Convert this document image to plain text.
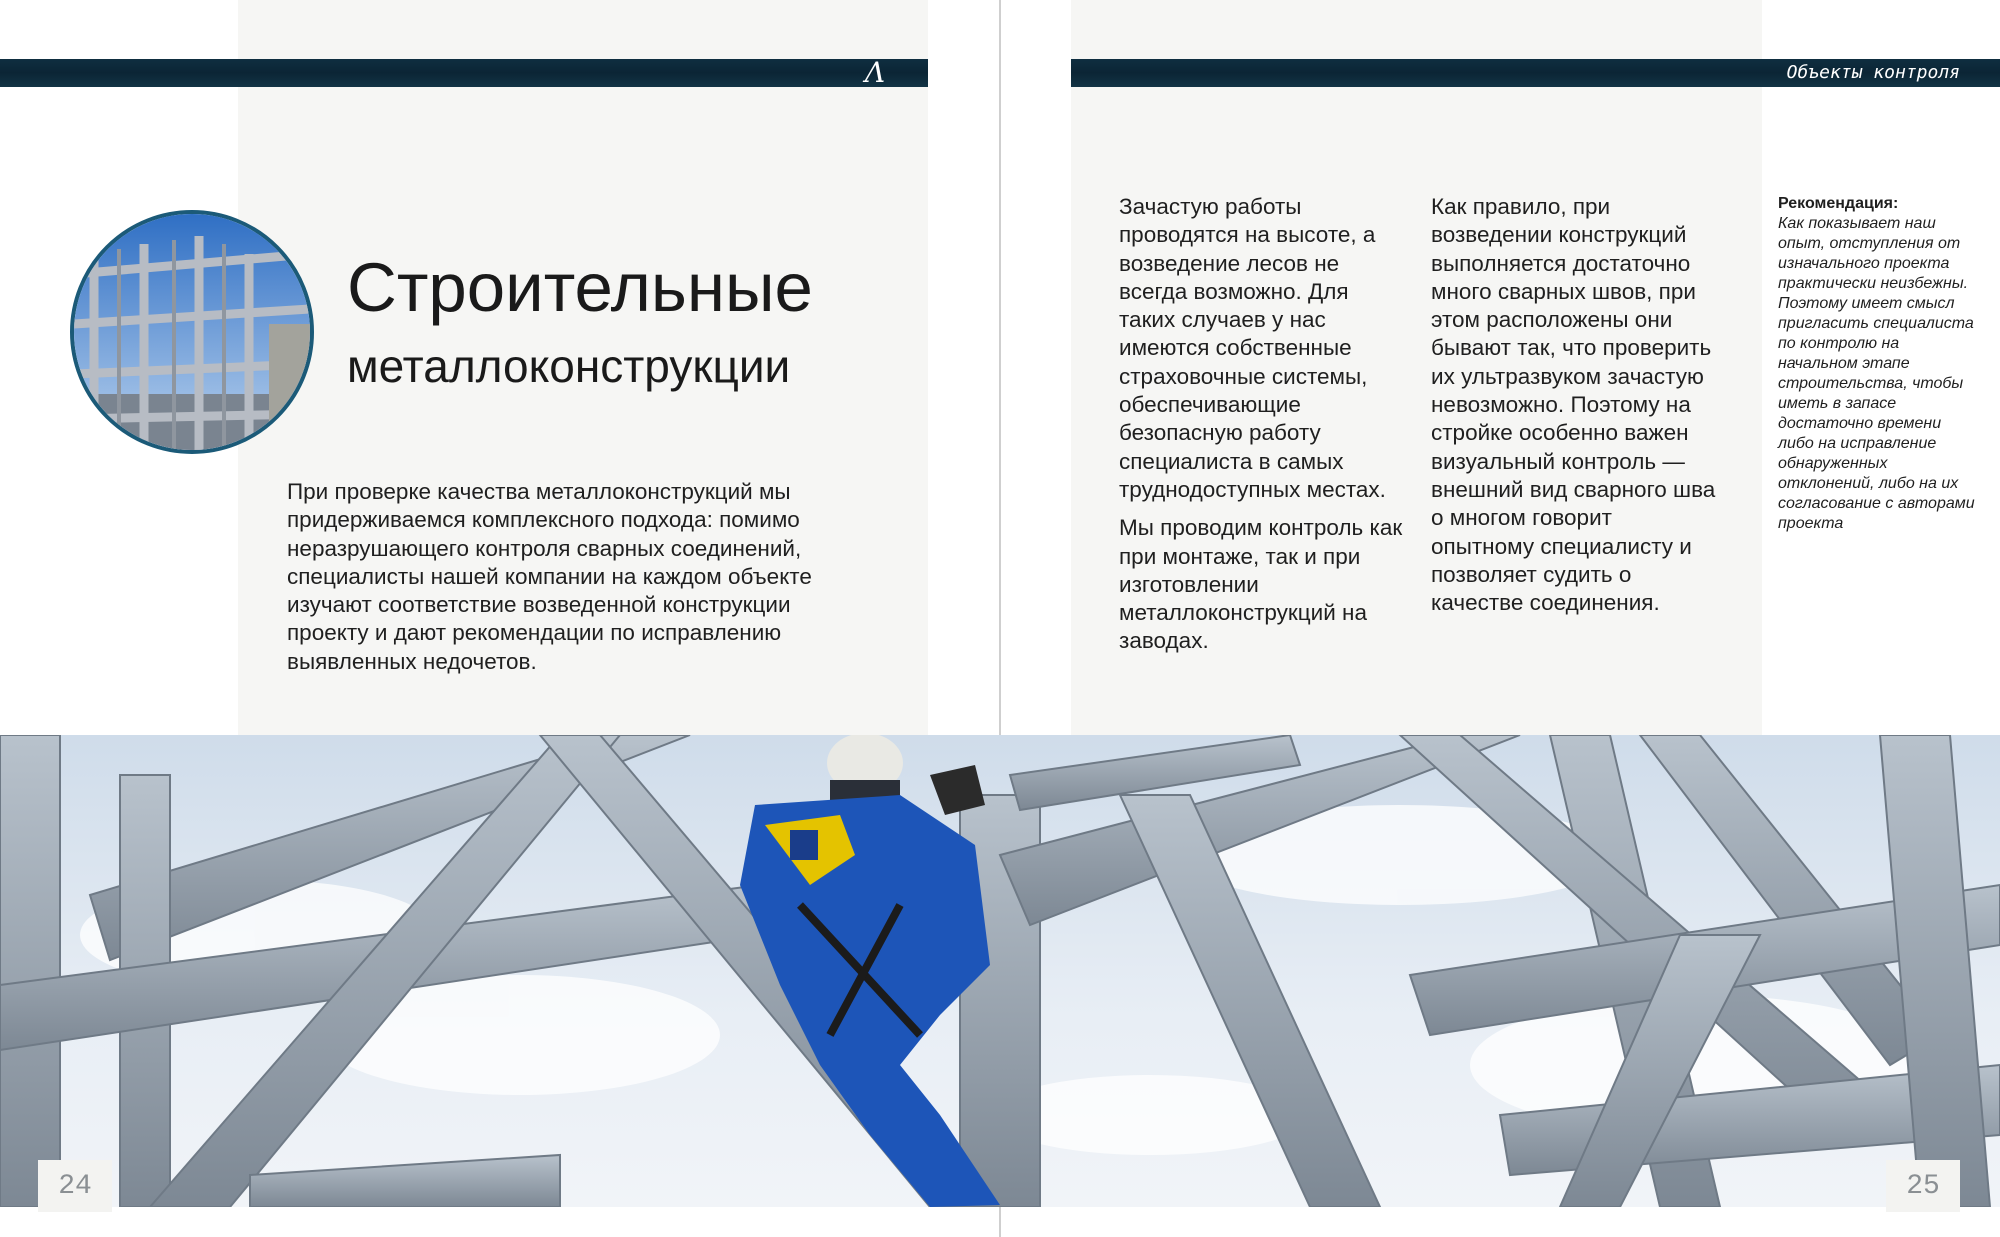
Λ
Строительные
металлоконструкции

При проверке качества металлоконструкций мы придерживаемся комплексного подхода: помимо неразрушающего контроля сварных соединений, специалисты нашей компании на каждом объекте изучают соответствие возведенной конструкции проекту и дают рекомендации по исправлению выявленных недочетов.

Объекты контроля

Зачастую работы проводятся на высоте, а возведение лесов не всегда возможно. Для таких случаев у нас имеются собственные страховочные системы, обеспечивающие безопасную работу специалиста в самых труднодоступных местах.

Мы проводим контроль как при монтаже, так и при изготовлении металлоконструкций на заводах.

Как правило, при возведении конструкций выполняется достаточно много сварных швов, при этом расположены они бывают так, что проверить их ультразвуком зачастую невозможно. Поэтому на стройке особенно важен визуальный контроль — внешний вид сварного шва о многом говорит опытному специалисту и позволяет судить о качестве соединения.

Рекомендация:
Как показывает наш опыт, отступления от изначального проекта практически неизбежны. Поэтому имеет смысл пригласить специалиста по контролю на начальном этапе строительства, чтобы иметь в запасе достаточно времени либо на исправление обнаруженных отклонений, либо на их согласование с авторами проекта
24	25
